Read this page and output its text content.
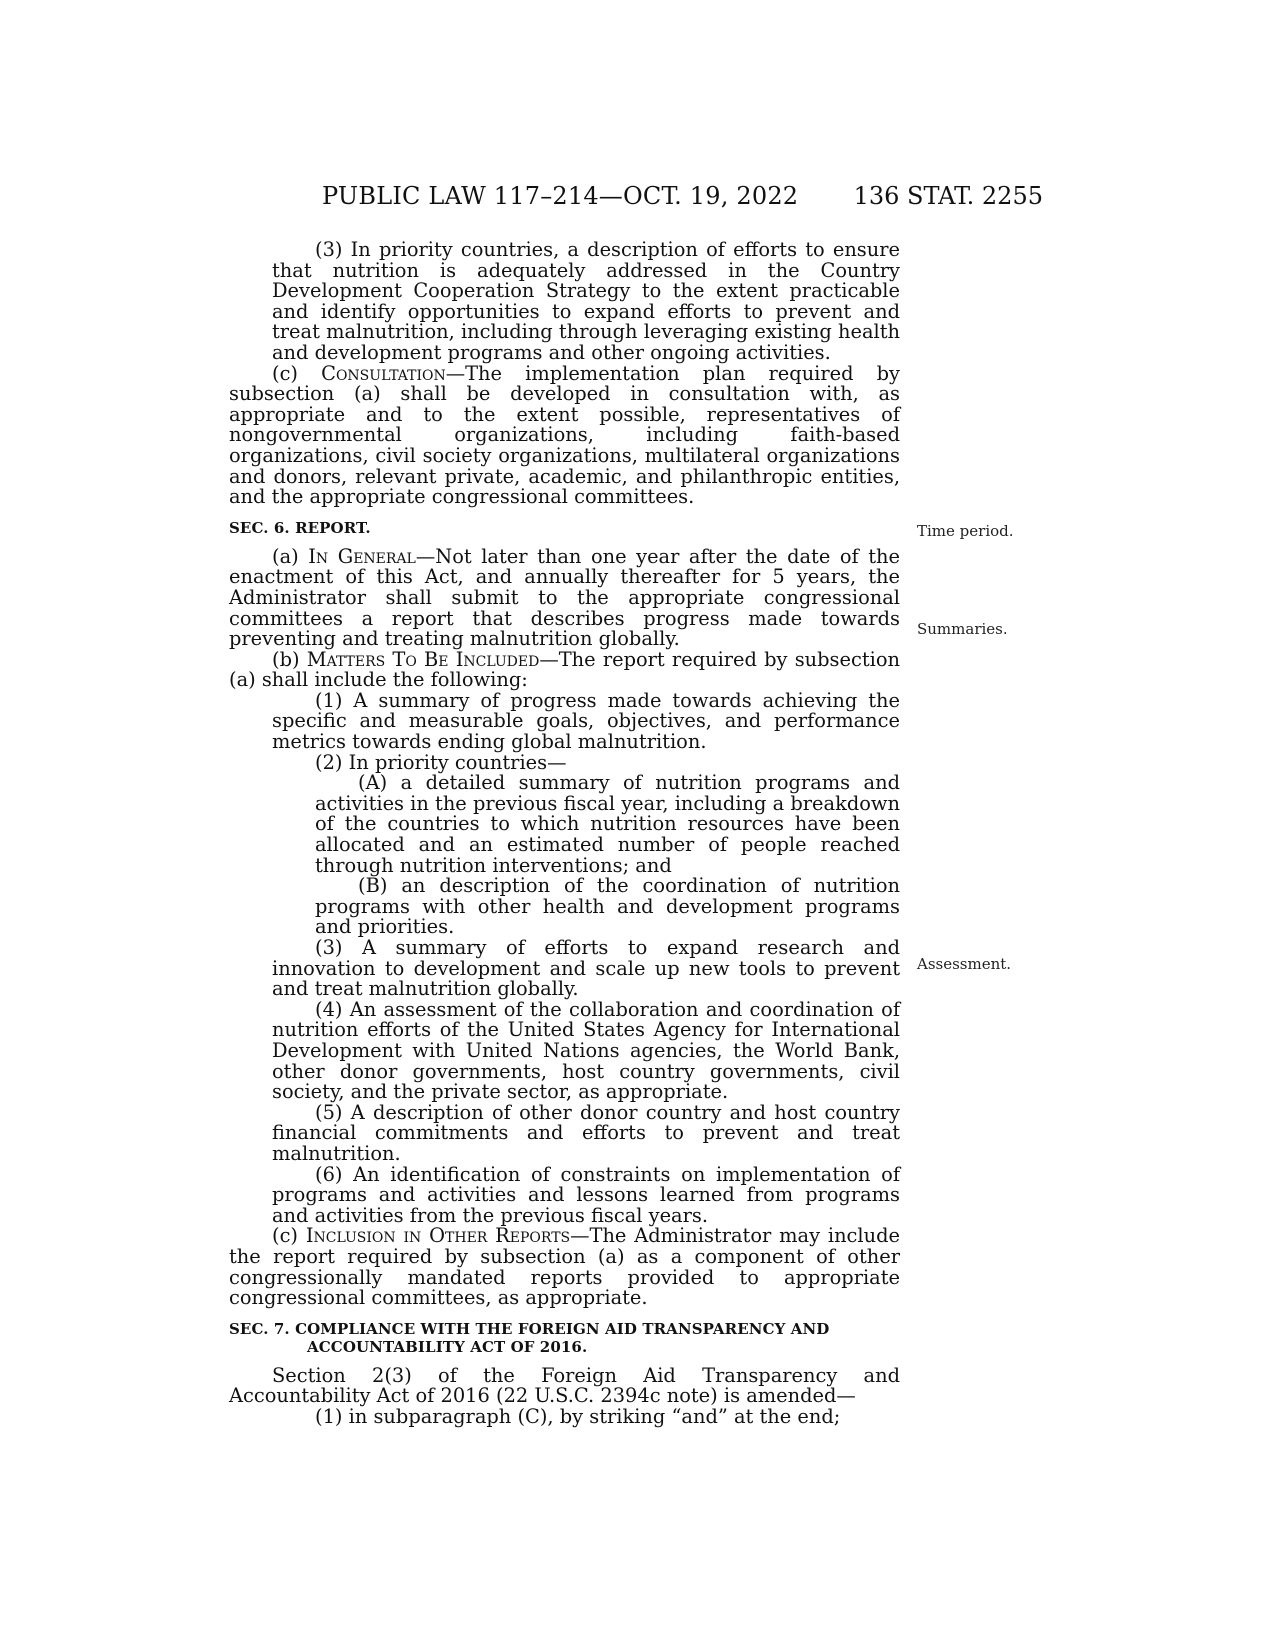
PUBLIC LAW 117–214—OCT. 19, 2022 136 STAT. 2255

(3) In priority countries, a description of efforts to ensure that nutrition is adequately addressed in the Country Development Cooperation Strategy to the extent practicable and identify opportunities to expand efforts to prevent and treat malnutrition, including through leveraging existing health and development programs and other ongoing activities.

(c) Consultation—The implementation plan required by subsection (a) shall be developed in consultation with, as appropriate and to the extent possible, representatives of nongovernmental organizations, including faith-based organizations, civil society organizations, multilateral organizations and donors, relevant private, academic, and philanthropic entities, and the appropriate congressional committees.

SEC. 6. REPORT.

(a) In General—Not later than one year after the date of the enactment of this Act, and annually thereafter for 5 years, the Administrator shall submit to the appropriate congressional committees a report that describes progress made towards preventing and treating malnutrition globally.

(b) Matters To Be Included—The report required by subsection (a) shall include the following:

(1) A summary of progress made towards achieving the specific and measurable goals, objectives, and performance metrics towards ending global malnutrition.

(2) In priority countries—

(A) a detailed summary of nutrition programs and activities in the previous fiscal year, including a breakdown of the countries to which nutrition resources have been allocated and an estimated number of people reached through nutrition interventions; and

(B) an description of the coordination of nutrition programs with other health and development programs and priorities.

(3) A summary of efforts to expand research and innovation to development and scale up new tools to prevent and treat malnutrition globally.

(4) An assessment of the collaboration and coordination of nutrition efforts of the United States Agency for International Development with United Nations agencies, the World Bank, other donor governments, host country governments, civil society, and the private sector, as appropriate.

(5) A description of other donor country and host country financial commitments and efforts to prevent and treat malnutrition.

(6) An identification of constraints on implementation of programs and activities and lessons learned from programs and activities from the previous fiscal years.

(c) Inclusion in Other Reports—The Administrator may include the report required by subsection (a) as a component of other congressionally mandated reports provided to appropriate congressional committees, as appropriate.

SEC. 7. COMPLIANCE WITH THE FOREIGN AID TRANSPARENCY AND
ACCOUNTABILITY ACT OF 2016.

Section 2(3) of the Foreign Aid Transparency and Accountability Act of 2016 (22 U.S.C. 2394c note) is amended—

(1) in subparagraph (C), by striking “and” at the end;

Time period.
Summaries.
Assessment.
